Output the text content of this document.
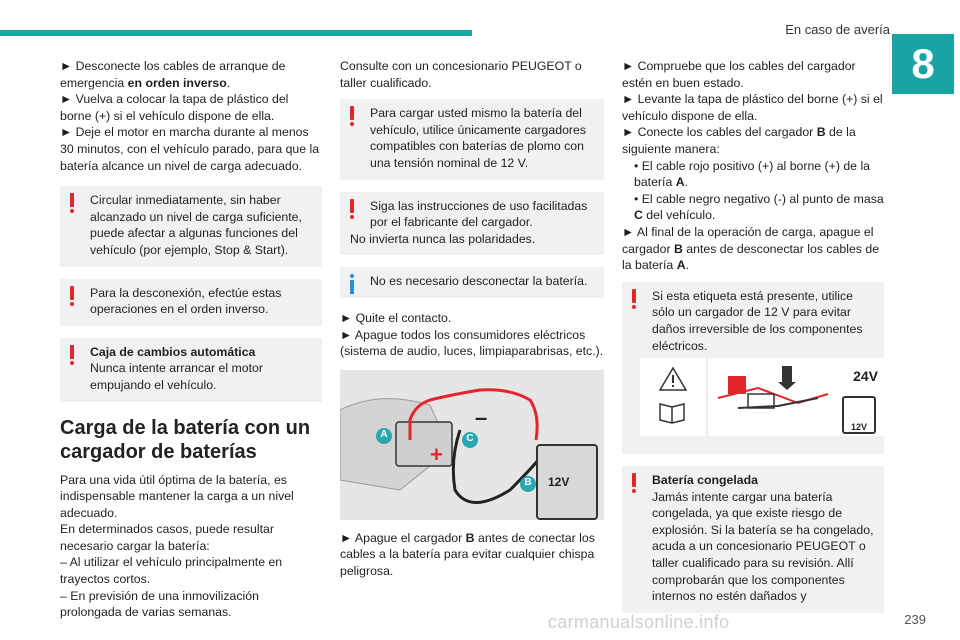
En caso de avería
8

► Desconecte los cables de arranque de emergencia en orden inverso.

► Vuelva a colocar la tapa de plástico del borne (+) si el vehículo dispone de ella.

► Deje el motor en marcha durante al menos 30 minutos, con el vehículo parado, para que la batería alcance un nivel de carga adecuado.

Circular inmediatamente, sin haber alcanzado un nivel de carga suficiente, puede afectar a algunas funciones del vehículo (por ejemplo, Stop & Start).
Para la desconexión, efectúe estas operaciones en el orden inverso.
Caja de cambios automática
Nunca intente arrancar el motor empujando el vehículo.
Carga de la batería con un cargador de baterías

Para una vida útil óptima de la batería, es indispensable mantener la carga a un nivel adecuado.

En determinados casos, puede resultar necesario cargar la batería:

– Al utilizar el vehículo principalmente en trayectos cortos.

– En previsión de una inmovilización prolongada de varias semanas.

Consulte con un concesionario PEUGEOT o taller cualificado.

Para cargar usted mismo la batería del vehículo, utilice únicamente cargadores compatibles con baterías de plomo con una tensión nominal de 12 V.
Siga las instrucciones de uso facilitadas por el fabricante del cargador.
No invierta nunca las polaridades.
No es necesario desconectar la batería.

► Quite el contacto.

► Apague todos los consumidores eléctricos (sistema de audio, luces, limpiaparabrisas, etc.).

+
–
A	C
B	12V

► Apague el cargador B antes de conectar los cables a la batería para evitar cualquier chispa peligrosa.

► Compruebe que los cables del cargador estén en buen estado.

► Levante la tapa de plástico del borne (+) si el vehículo dispone de ella.

► Conecte los cables del cargador B de la siguiente manera:

• El cable rojo positivo (+) al borne (+) de la batería A.

• El cable negro negativo (-) al punto de masa C del vehículo.

► Al final de la operación de carga, apague el cargador B antes de desconectar los cables de la batería A.

Si esta etiqueta está presente, utilice sólo un cargador de 12 V para evitar daños irreversible de los componentes eléctricos.
24V
12V
Batería congelada
Jamás intente cargar una batería congelada, ya que existe riesgo de explosión. Si la batería se ha congelado, acuda a un concesionario PEUGEOT o taller cualificado para su revisión. Allí comprobarán que los componentes internos no estén dañados y
carmanualsonline.info	239
